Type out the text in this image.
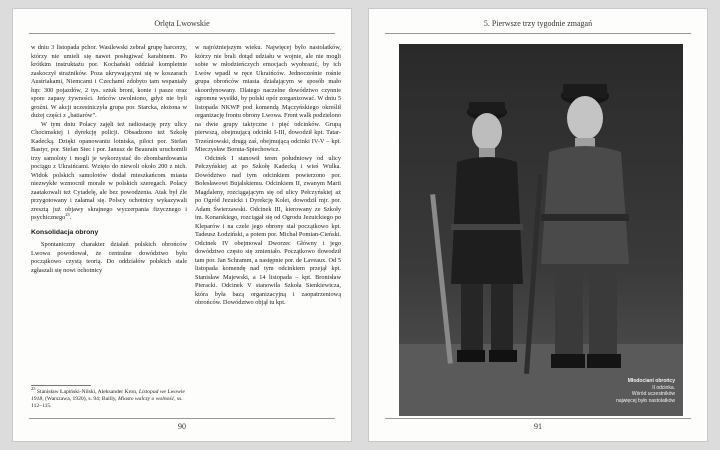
Orlęta Lwowskie

w dniu 3 listopada pchor. Wasilewski zebrał grupę harcerzy, którzy nie umieli się nawet posługiwać karabinem. Po krótkim instruktażu por. Kochański oddział kompletnie zaskoczył strażników. Poza ukrywającymi się w koszarach Austriakami, Niemcami i Czechami zdobyto tam wspaniały łup: 300 pojazdów, 2 tys. sztuk broni, konie i pasze oraz spore zapasy żywności. Jeńców uwolniono, gdyż nie byli groźni. W akcji uczestniczyła grupa por. Starcka, złożona w dużej części z „batiarów”.

W tym dniu Polacy zajęli też radiostację przy ulicy Chocimskiej i dyrekcję policji. Obsadzono też Szkołę Kadecką. Dzięki opanowaniu lotniska, piloci por. Stefan Bastyr, por. Stefan Stec i por. Janusz de Beaurain uruchomili trzy samoloty i mogli je wykorzystać do zbombardowania pociągu z Ukraińcami. Wzięto do niewoli około 200 z nich. Widok polskich samolotów dodał mieszkańcom miasta niezwykłe wzmocnił morale w polskich szeregach. Polacy zaatakowali też Cytadelę, ale bez powodzenia. Atak był źle przygotowany i załamał się. Polscy ochotnicy wykazywali zresztą już objawy skrajnego wyczerpania fizycznego i psychicznego$^{25}$.

Konsolidacja obrony

Spontaniczny charakter działań polskich obrońców Lwowa powodował, że centralne dowództwo było początkowo czystą teorią. Do oddziałów polskich stale zgłaszali się nowi ochotnicy

w najróżniejszym wieku. Najwięcej było nastolatków, którzy nie brali dotąd udziału w wojnie, ale nie mogli sobie w młodzieńczych emocjach wyobrazić, by ich Lwów wpadł w ręce Ukraińców. Jednocześnie rośnie grupa obrońców miasta działającym w sposób mało skoordynowany. Dlatego naczelne dowództwo czynnie ogromne wysiłki, by polski opór zorganizować. W dniu 5 listopada NKWP pod komendą Mączyńskiego określił organizację frontu obrony Lwowa. Front walk podzielono na dwie grupy taktyczne i pięć odcinków. Grupą pierwszą, obejmującą odcinki I-III, dowodził kpt. Tatar-Trześniowski, drugą zaś, obejmującą odcinki IV-V – kpt. Mieczysław Boruta-Spiechowicz.

Odcinek I stanowił teren południowy od ulicy Pełczyńskiej aż po Szkołę Kadecką i wieś Wulka. Dowództwo nad tym odcinkiem powierzono por. Bolesławowi Bujalskiemu. Odcinkiem II, zwanym Marii Magdaleny, rozciągającym się od ulicy Pełczyńskiej aż po Ogród Jezuicki i Dyrekcję Kolei, dowodził mjr. por. Adam Świerzawski. Odcinek III, kierowany ze Szkoły im. Konarskiego, rozciągał się od Ogrodu Jezuickiego po Kleparów i na czele jego obrony stał początkowo kpt. Tadeusz Łodziński, a potem por. Michał Pomian-Cieński. Odcinek IV obejmował Dworzec Główny i jego dowództwo często się zmieniało. Początkowo dowodził tam por. Jan Schramm, a następnie por. de Laveaux. Od 5 listopada komendę nad tym odcinkiem przejął kpt. Stanisław Majewski, a 14 listopada – kpt. Bronisław Pieracki. Odcinek V stanowiła Szkoła Sienkiewicza, która była bazą organizacyjną i zaopatrzeniową obrońców. Dowództwo objął tu kpt.

$^{25}$ Stanisław Łapiński-Nilski, Aleksander Kron, Listopad we Lwowie 1918, (Warszawa, 1920), s. 94; Bailly, Miasto walczy o wolność, ss. 112–115.

90
5. Pierwsze trzy tygodnie zmagań
Młodociani obrońcy
II odcinka.
Wśród uczestników
najwięcej było nastolatków
91
